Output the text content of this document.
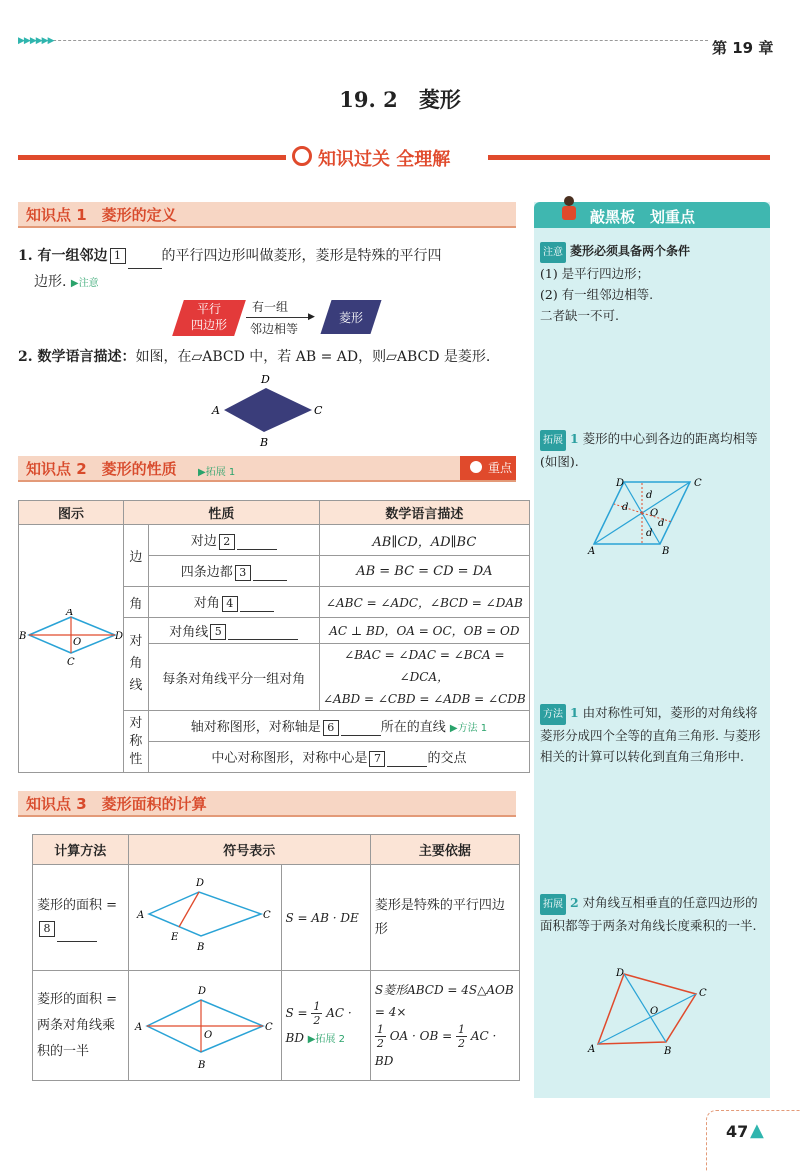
▶▶▶▶▶▶	第 19 章
19. 2　菱形
知识过关 全理解
知识点 1　菱形的定义
1. 有一组邻边 1	的平行四边形叫做菱形，菱形是特殊的平行四
边形. ▶注意
平行
四边形
有一组
▶
邻边相等
菱形
2. 数学语言描述：如图，在▱ABCD 中，若 AB = AD，则▱ABCD 是菱形.
D
A	C
B
知识点 2　菱形的性质 ▶拓展 1	重点
图示	性质		数学语言描述

A
B
O
D
C	边	对边 2	AB∥CD，AD∥BC
		四条边都 3	AB = BC = CD = DA
	角	对角 4	∠ABC = ∠ADC，∠BCD = ∠DAB
	对角线	对角线 5	AC ⊥ BD，OA = OC，OB = OD
		每条对角线平分一组对角	∠BAC = ∠DAC = ∠BCA = ∠DCA，
∠ABD = ∠CBD = ∠ADB = ∠CDB
	对称性	轴对称图形，对称轴是 6 所在的直线 ▶方法 1	
		中心对称图形，对称中心是 7 的交点	
知识点 3　菱形面积的计算
计算方法	符号表示		主要依据
菱形的面积 =
8	D
A C
E
B	S = AB · DE	菱形是特殊的平行四边形
菱形的面积 = 两条对角线乘积的一半	D
A
O
C
B	$S = \frac{1}{2}$ AC ·
BD ▶拓展 2	S菱形ABCD = 4S△AOB = 4×
$\frac{1}{2}$ OA · OB = $\frac{1}{2}$ AC ·
BD
敲黑板　划重点
注意 菱形必须具备两个条件
(1) 是平行四边形；
(2) 有一组邻边相等.
二者缺一不可.
拓展 1 菱形的中心到各边的距离均相等(如图).
D	C
A	B
O
d
d
d
d
方法 1 由对称性可知，菱形的对角线将菱形分成四个全等的直角三角形. 与菱形相关的计算可以转化到直角三角形中.
拓展 2 对角线互相垂直的任意四边形的面积都等于两条对角线长度乘积的一半.
D
C
O
A	B
47 ▲
